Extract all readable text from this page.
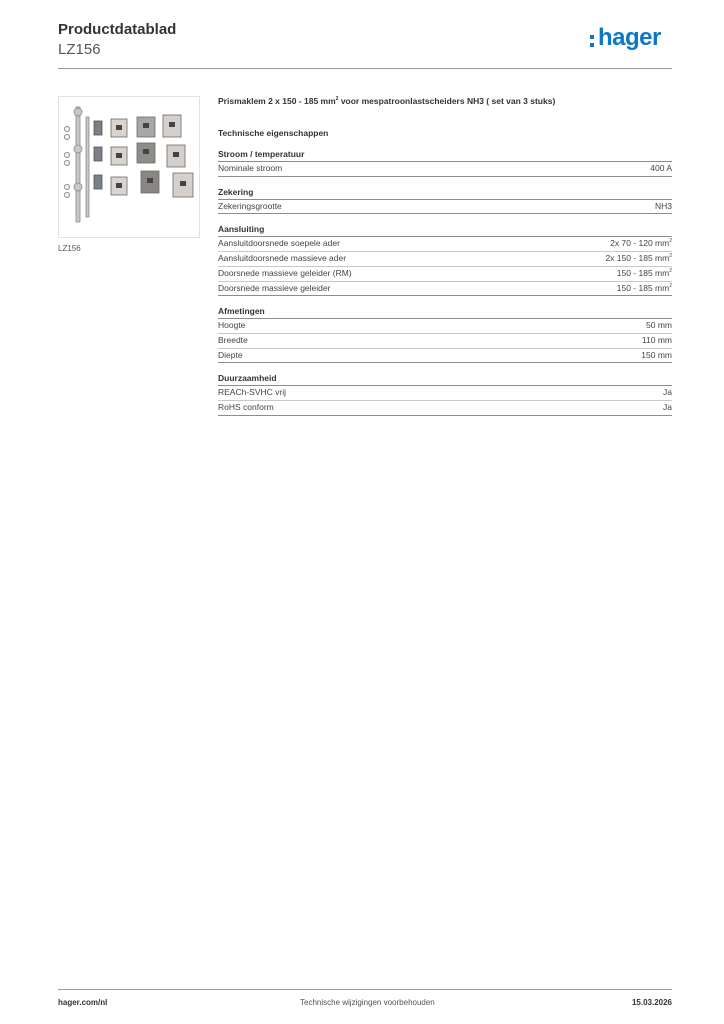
Productdatablad
LZ156	hager
LZ156
Prismaklem 2 x 150 - 185 $mm^2$ voor mespatroonlastscheiders NH3 ( set van 3 stuks)
Technische eigenschappen
Stroom / temperatuur
Nominale stroom	400 A
Zekering
Zekeringsgrootte	NH3
Aansluiting
Aansluitdoorsnede soepele ader	2x 70 - 120 $mm^2$
Aansluitdoorsnede massieve ader	2x 150 - 185 $mm^2$
Doorsnede massieve geleider (RM)	150 - 185 $mm^2$
Doorsnede massieve geleider	150 - 185 $mm^2$
Afmetingen
Hoogte	50 mm
Breedte	110 mm
Diepte	150 mm
Duurzaamheid
REACh-SVHC vrij	Ja
RoHS conform	Ja
hager.com/nl	Technische wijzigingen voorbehouden	15.03.2026
